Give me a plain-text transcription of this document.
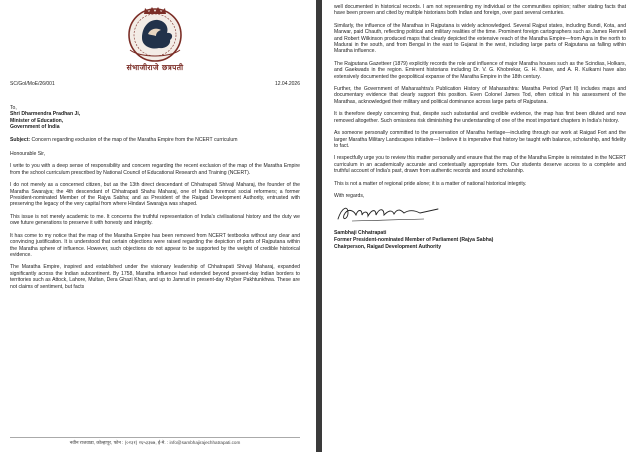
संभाजीराजे छत्रपती
SC/GoI/MoE/26/001	12.04.2026
To,
Shri Dharmendra Pradhan Ji,
Minister of Education,
Government of India

Subject: Concern regarding exclusion of the map of the Maratha Empire from the NCERT curriculum

Honourable Sir,

I write to you with a deep sense of responsibility and concern regarding the recent exclusion of the map of the Maratha Empire from the school curriculum prescribed by National Council of Educational Research and Training (NCERT).

I do not merely as a concerned citizen, but as the 13th direct descendant of Chhatrapati Shivaji Maharaj, the founder of the Maratha Swarajya; the 4th descendant of Chhatrapati Shahu Maharaj, one of India's foremost social reformers; a former President-nominated Member of the Rajya Sabha; and as President of the Raigad Development Authority, entrusted with preserving the legacy of the very capital from where Hindavi Swarajya was shaped.

This issue is not merely academic to me. It concerns the truthful representation of India's civilisational history and the duty we owe future generations to preserve it with honesty and integrity.

It has come to my notice that the map of the Maratha Empire has been removed from NCERT textbooks without any clear and convincing justification. It is understood that certain objections were raised regarding the depiction of parts of Rajputana within the Maratha sphere of influence. However, such objections do not appear to be supported by the weight of credible historical evidence.

The Maratha Empire, inspired and established under the visionary leadership of Chhatrapati Shivaji Maharaj, expanded significantly across the Indian subcontinent. By 1758, Maratha influence had extended beyond present-day Indian borders to territories such as Attock, Lahore, Multan, Dera Ghazi Khan, and up to Jamrud in present-day Khyber Pakhtunkhwa. These are not claims of sentiment, but facts

नवीन राजवाडा, कोल्हापूर, फोन : (०२३१) २६५३३७७, ई-मे. : info@sambhajirajechhatrapati.com

well documented in historical records. I am not representing my individual or the communities opinion; rather stating facts that have been proven and cited by multiple historians both Indian and foreign, over past several centuries.

Similarly, the influence of the Marathas in Rajputana is widely acknowledged. Several Rajput states, including Bundi, Kota, and Marwar, paid Chauth, reflecting political and military realities of the time. Prominent foreign cartographers such as James Rennell and Robert Wilkinson produced maps that clearly depicted the extensive reach of the Maratha Empire—from Agra in the north to Madurai in the south, and from Bengal in the east to Gujarat in the west, including large parts of Rajputana as falling within Maratha influence.

The Rajputana Gazetteer (1879) explicitly records the role and influence of major Maratha houses such as the Scindias, Holkars, and Gaekwads in the region. Eminent historians including Dr. V. G. Khobrekar, G. H. Khare, and A. R. Kulkarni have also extensively documented the geopolitical expanse of the Maratha Empire in the 18th century.

Further, the Government of Maharashtra's Publication History of Maharashtra: Maratha Period (Part II) includes maps and documentary evidence that clearly support this position. Even Colonel James Tod, often critical in his assessment of the Marathas, acknowledged their military and political dominance across large parts of Rajputana.

It is therefore deeply concerning that, despite such substantial and credible evidence, the map has first been diluted and now removed altogether. Such omissions risk diminishing the understanding of one of the most important chapters in India's history.

As someone personally committed to the preservation of Maratha heritage—including through our work at Raigad Fort and the larger Maratha Military Landscapes initiative—I believe it is imperative that history be taught with balance, scholarship, and fidelity to fact.

I respectfully urge you to review this matter personally and ensure that the map of the Maratha Empire is reinstated in the NCERT curriculum in an academically accurate and contextually appropriate form. Our students deserve access to a complete and truthful account of India's past, drawn from authentic records and sound scholarship.

This is not a matter of regional pride alone; it is a matter of national historical integrity.

With regards,

Sambhaji Chhatrapati
Former President-nominated Member of Parliament (Rajya Sabha)
Chairperson, Raigad Development Authority
